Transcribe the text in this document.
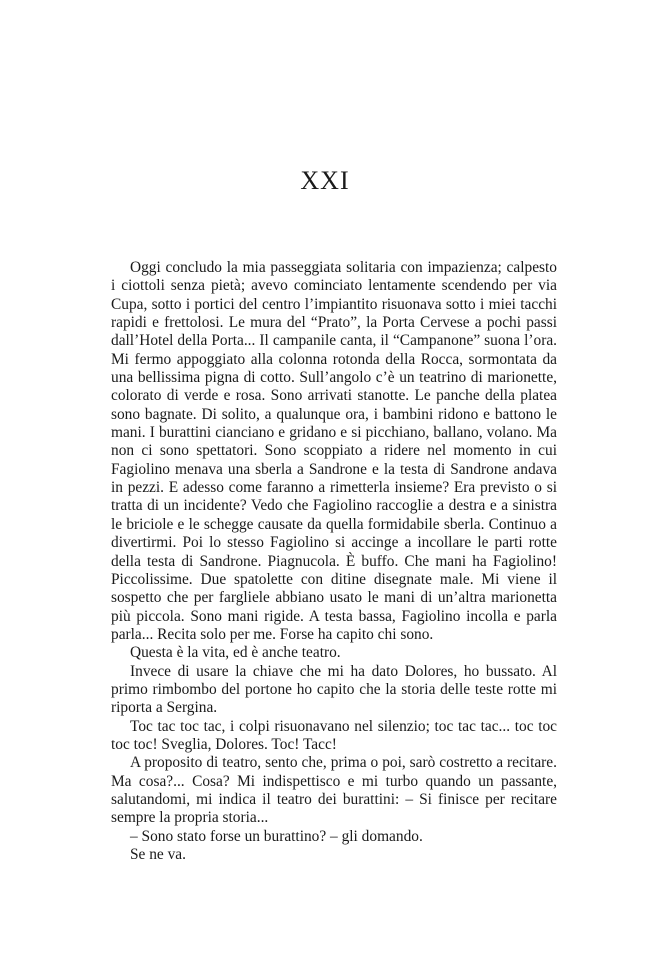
XXI

Oggi concludo la mia passeggiata solitaria con impazienza; calpesto i ciottoli senza pietà; avevo cominciato lentamente scendendo per via Cupa, sotto i portici del centro l’impiantito risuonava sotto i miei tacchi rapidi e frettolosi. Le mura del “Prato”, la Porta Cervese a pochi passi dall’Hotel della Porta... Il campanile canta, il “Campanone” suona l’ora. Mi fermo appoggiato alla colonna rotonda della Rocca, sormontata da una bellissima pigna di cotto. Sull’angolo c’è un teatrino di marionette, colorato di verde e rosa. Sono arrivati stanotte. Le panche della platea sono bagnate. Di solito, a qualunque ora, i bambini ridono e battono le mani. I burattini cianciano e gridano e si picchiano, ballano, volano. Ma non ci sono spettatori. Sono scoppiato a ridere nel momento in cui Fagiolino menava una sberla a Sandrone e la testa di Sandrone andava in pezzi. E adesso come faranno a rimetterla insieme? Era previsto o si tratta di un incidente? Vedo che Fagiolino raccoglie a destra e a sinistra le briciole e le schegge causate da quella formidabile sberla. Continuo a divertirmi. Poi lo stesso Fagiolino si accinge a incollare le parti rotte della testa di Sandrone. Piagnucola. È buffo. Che mani ha Fagiolino! Piccolissime. Due spatolette con ditine disegnate male. Mi viene il sospetto che per fargliele abbiano usato le mani di un’altra marionetta più piccola. Sono mani rigide. A testa bassa, Fagiolino incolla e parla parla... Recita solo per me. Forse ha capito chi sono.

Questa è la vita, ed è anche teatro.

Invece di usare la chiave che mi ha dato Dolores, ho bussato. Al primo rimbombo del portone ho capito che la storia delle teste rotte mi riporta a Sergina.

Toc tac toc tac, i colpi risuonavano nel silenzio; toc tac tac... toc toc toc toc! Sveglia, Dolores. Toc! Tacc!

A proposito di teatro, sento che, prima o poi, sarò costretto a recitare. Ma cosa?... Cosa? Mi indispettisco e mi turbo quando un passante, salutandomi, mi indica il teatro dei burattini: – Si finisce per recitare sempre la propria storia...

– Sono stato forse un burattino? – gli domando.

Se ne va.
